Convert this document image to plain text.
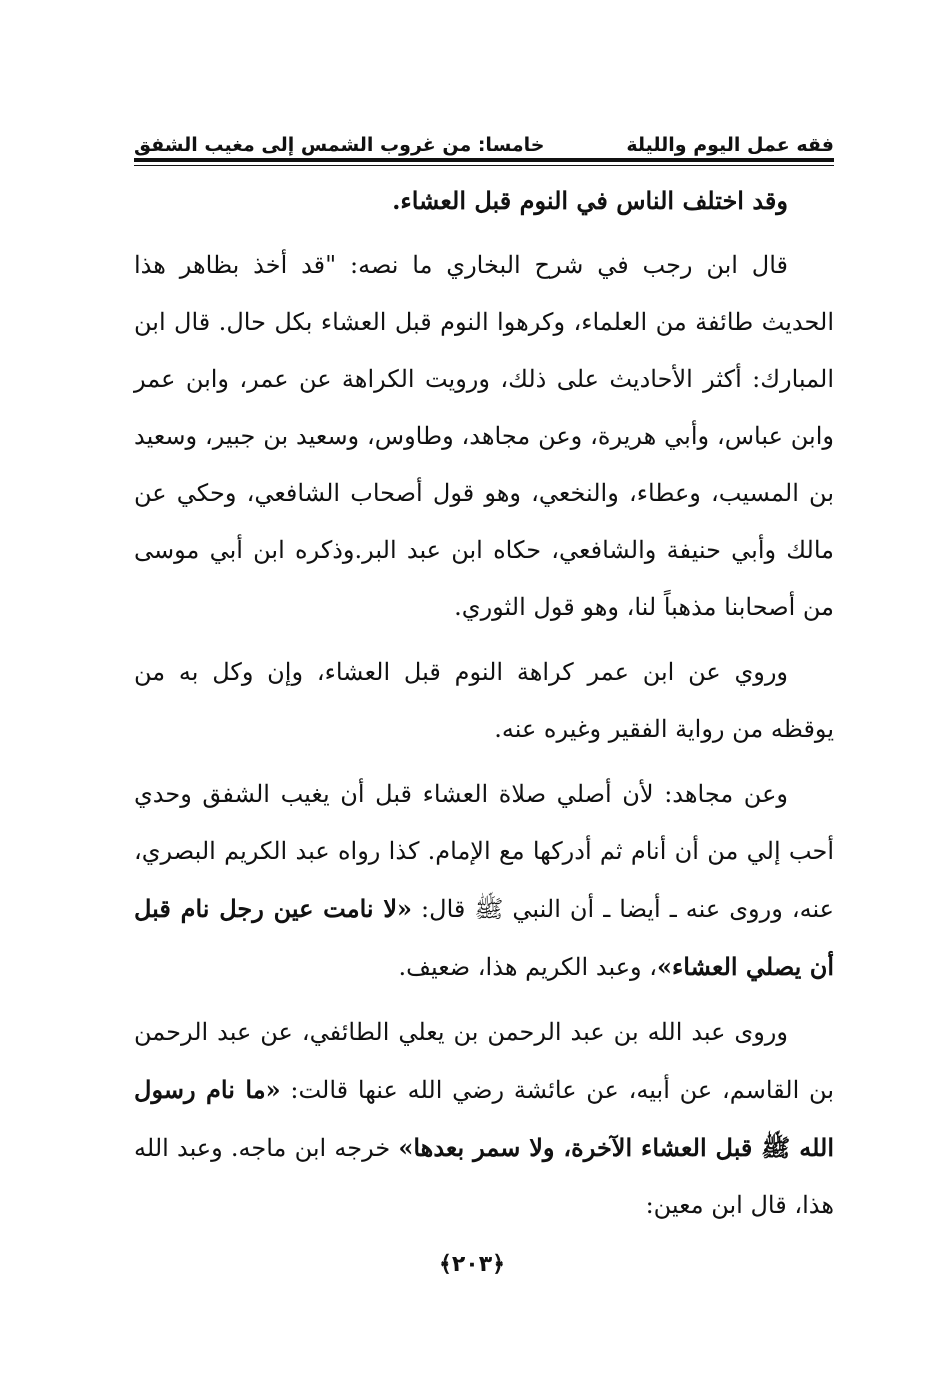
فقه عمل اليوم والليلة
خامسا: من غروب الشمس إلى مغيب الشفق

وقد اختلف الناس في النوم قبل العشاء.

قال ابن رجب في شرح البخاري ما نصه: "قد أخذ بظاهر هذا الحديث طائفة من العلماء، وكرهوا النوم قبل العشاء بكل حال. قال ابن المبارك: أكثر الأحاديث على ذلك، ورويت الكراهة عن عمر، وابن عمر وابن عباس، وأبي هريرة، وعن مجاهد، وطاوس، وسعيد بن جبير، وسعيد بن المسيب، وعطاء، والنخعي، وهو قول أصحاب الشافعي، وحكي عن مالك وأبي حنيفة والشافعي، حكاه ابن عبد البر.وذكره ابن أبي موسى من أصحابنا مذهباً لنا، وهو قول الثوري.

وروي عن ابن عمر كراهة النوم قبل العشاء، وإن وكل به من يوقظه من رواية الفقير وغيره عنه.

وعن مجاهد: لأن أصلي صلاة العشاء قبل أن يغيب الشفق وحدي أحب إلي من أن أنام ثم أدركها مع الإمام. كذا رواه عبد الكريم البصري، عنه، وروى عنه ـ أيضا ـ أن النبي ﷺ قال: «لا نامت عين رجل نام قبل أن يصلي العشاء»، وعبد الكريم هذا، ضعيف.

وروى عبد الله بن عبد الرحمن بن يعلي الطائفي، عن عبد الرحمن بن القاسم، عن أبيه، عن عائشة رضي الله عنها قالت: «ما نام رسول الله ﷺ قبل العشاء الآخرة، ولا سمر بعدها» خرجه ابن ماجه. وعبد الله هذا، قال ابن معين:

﴿٢٠٣﴾
